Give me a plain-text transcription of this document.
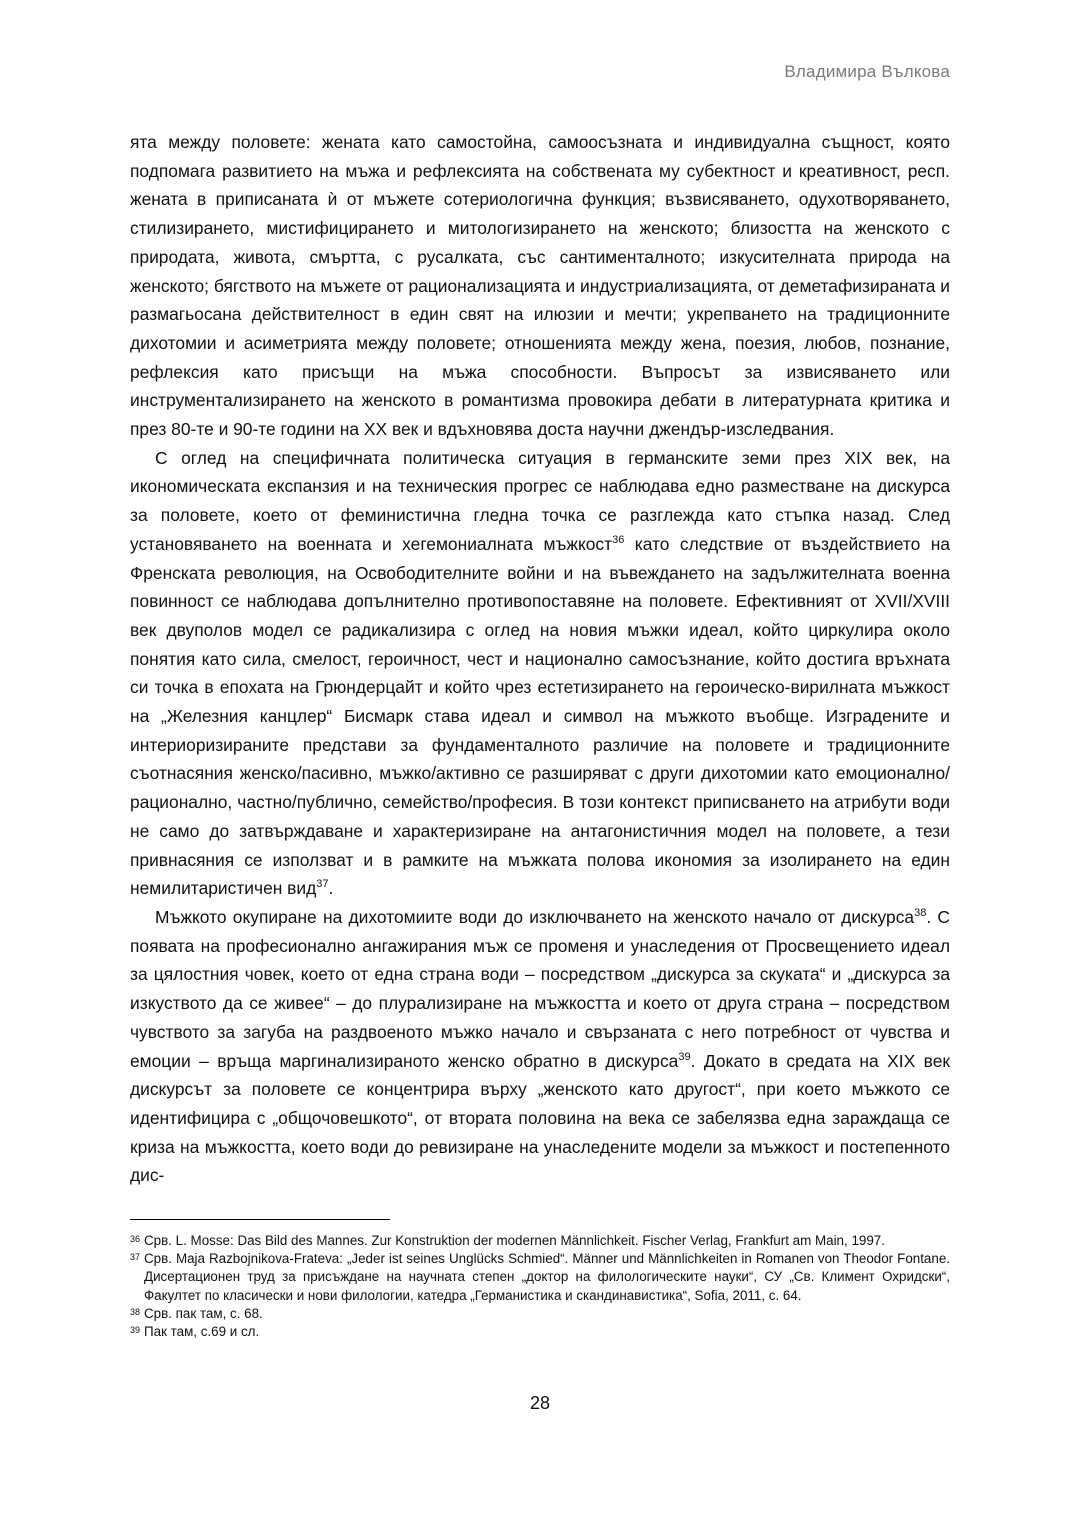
Владимира Вълкова

ята между половете: жената като самостойна, самоосъзната и индивидуална същност, която подпомага развитието на мъжа и рефлексията на собствената му субектност и креативност, респ. жената в приписаната ѝ от мъжете сотериологична функция; възвисяването, одухотворяването, стилизирането, мистифицирането и митологизирането на женското; близостта на женското с природата, живота, смъртта, с русалката, със сантименталното; изкусителната природа на женското; бягството на мъжете от рационализацията и индустриализацията, от деметафизираната и размагьосана действителност в един свят на илюзии и мечти; укрепването на традиционните дихотомии и асиметрията между половете; отношенията между жена, поезия, любов, познание, рефлексия като присъщи на мъжа способности. Въпросът за извисяването или инструментализирането на женското в романтизма провокира дебати в литературната критика и през 80-те и 90-те години на XX век и вдъхновява доста научни джендър-изследвания.

С оглед на специфичната политическа ситуация в германските земи през XIX век, на икономическата експанзия и на техническия прогрес се наблюдава едно разместване на дискурса за половете, което от феминистична гледна точка се разглежда като стъпка назад. След установяването на военната и хегемониалната мъжкост$^{36}$ като следствие от въздействието на Френската революция, на Освободителните войни и на въвеждането на задължителната военна повинност се наблюдава допълнително противопоставяне на половете. Ефективният от XVII/XVIII век двуполов модел се радикализира с оглед на новия мъжки идеал, който циркулира около понятия като сила, смелост, героичност, чест и национално самосъзнание, който достига връхната си точка в епохата на Грюндерцайт и който чрез естетизирането на героическо-вирилната мъжкост на „Железния канцлер“ Бисмарк става идеал и символ на мъжкото въобще. Изградените и интериоризираните представи за фундаменталното различие на половете и традиционните съотнасяния женско/пасивно, мъжко/активно се разширяват с други дихотомии като емоционално/ рационално, частно/публично, семейство/професия. В този контекст приписването на атрибути води не само до затвърждаване и характеризиране на антагонистичния модел на половете, а тези привнасяния се използват и в рамките на мъжката полова икономия за изолирането на един немилитаристичен вид$^{37}$.

Мъжкото окупиране на дихотомиите води до изключването на женското начало от дискурса$^{38}$. С появата на професионално ангажирания мъж се променя и унаследения от Просвещението идеал за цялостния човек, което от една страна води – посредством „дискурса за скуката“ и „дискурса за изкуството да се живее“ – до плурализиране на мъжкостта и което от друга страна – посредством чувството за загуба на раздвоеното мъжко начало и свързаната с него потребност от чувства и емоции – връща маргинализираното женско обратно в дискурса$^{39}$. Докато в средата на XIX век дискурсът за половете се концентрира върху „женското като другост“, при което мъжкото се идентифицира с „общочовешкото“, от втората половина на века се забелязва една зараждаща се криза на мъжкостта, което води до ревизиране на унаследените модели за мъжкост и постепенното дис-

36 Срв. L. Mosse: Das Bild des Mannes. Zur Konstruktion der modernen Männlichkeit. Fischer Verlag, Frankfurt am Main, 1997.

37 Срв. Maja Razbojnikova-Frateva: „Jeder ist seines Unglücks Schmied“. Männer und Männlichkeiten in Romanen von Theodor Fontane. Дисертационен труд за присъждане на научната степен „доктор на филологическите науки“, СУ „Св. Климент Охридски“, Факултет по класически и нови филологии, катедра „Германистика и скандинавистика“, Sofia, 2011, с. 64.

38 Срв. пак там, с. 68.

39 Пак там, с.69 и сл.

28
